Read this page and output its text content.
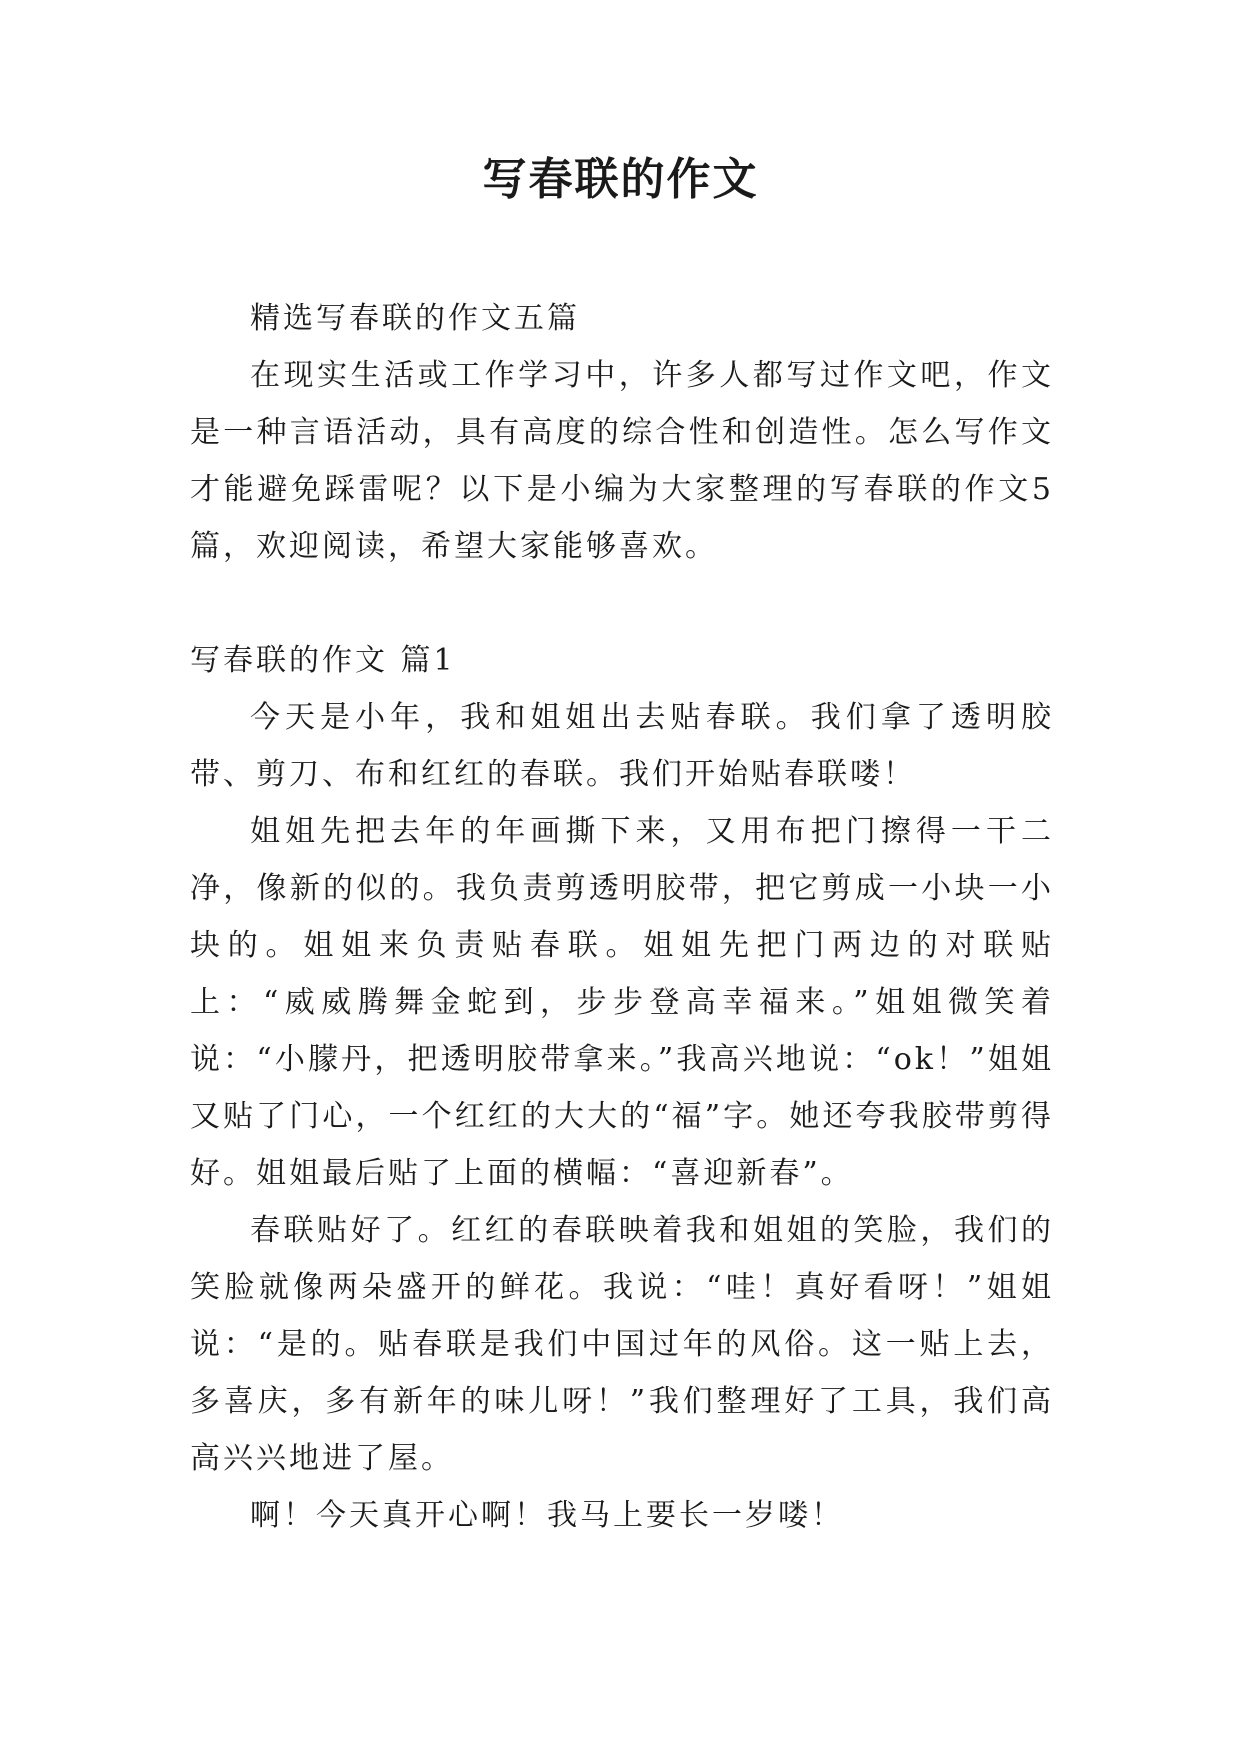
写春联的作文

精选写春联的作文五篇

在现实生活或工作学习中，许多人都写过作文吧，作文是一种言语活动，具有高度的综合性和创造性。怎么写作文才能避免踩雷呢？以下是小编为大家整理的写春联的作文5篇，欢迎阅读，希望大家能够喜欢。

写春联的作文 篇1

今天是小年，我和姐姐出去贴春联。我们拿了透明胶带、剪刀、布和红红的春联。我们开始贴春联喽！

姐姐先把去年的年画撕下来，又用布把门擦得一干二净，像新的似的。我负责剪透明胶带，把它剪成一小块一小块的。姐姐来负责贴春联。姐姐先把门两边的对联贴上：“威威腾舞金蛇到，步步登高幸福来。”姐姐微笑着说：“小朦丹，把透明胶带拿来。”我高兴地说：“ok！”姐姐又贴了门心，一个红红的大大的“福”字。她还夸我胶带剪得好。姐姐最后贴了上面的横幅：“喜迎新春”。

春联贴好了。红红的春联映着我和姐姐的笑脸，我们的笑脸就像两朵盛开的鲜花。我说：“哇！真好看呀！”姐姐说：“是的。贴春联是我们中国过年的风俗。这一贴上去，多喜庆，多有新年的味儿呀！”我们整理好了工具，我们高高兴兴地进了屋。

啊！今天真开心啊！我马上要长一岁喽！
